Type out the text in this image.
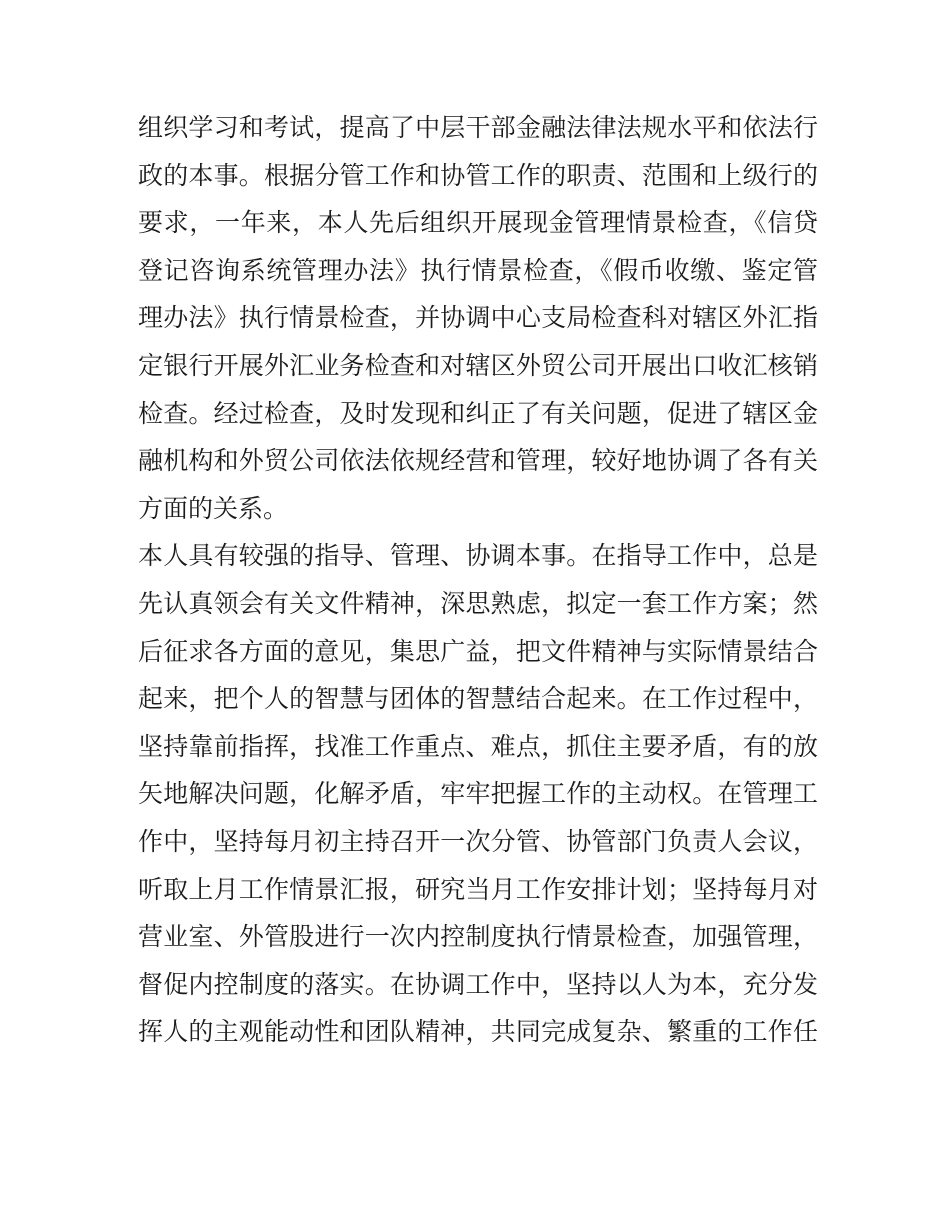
组织学习和考试，提高了中层干部金融法律法规水平和依法行
政的本事。根据分管工作和协管工作的职责、范围和上级行的
要求，一年来，本人先后组织开展现金管理情景检查，《信贷
登记咨询系统管理办法》执行情景检查，《假币收缴、鉴定管
理办法》执行情景检查，并协调中心支局检查科对辖区外汇指
定银行开展外汇业务检查和对辖区外贸公司开展出口收汇核销
检查。经过检查，及时发现和纠正了有关问题，促进了辖区金
融机构和外贸公司依法依规经营和管理，较好地协调了各有关
方面的关系。
本人具有较强的指导、管理、协调本事。在指导工作中，总是
先认真领会有关文件精神，深思熟虑，拟定一套工作方案；然
后征求各方面的意见，集思广益，把文件精神与实际情景结合
起来，把个人的智慧与团体的智慧结合起来。在工作过程中，
坚持靠前指挥，找准工作重点、难点，抓住主要矛盾，有的放
矢地解决问题，化解矛盾，牢牢把握工作的主动权。在管理工
作中，坚持每月初主持召开一次分管、协管部门负责人会议，
听取上月工作情景汇报，研究当月工作安排计划；坚持每月对
营业室、外管股进行一次内控制度执行情景检查，加强管理，
督促内控制度的落实。在协调工作中，坚持以人为本，充分发
挥人的主观能动性和团队精神，共同完成复杂、繁重的工作任
